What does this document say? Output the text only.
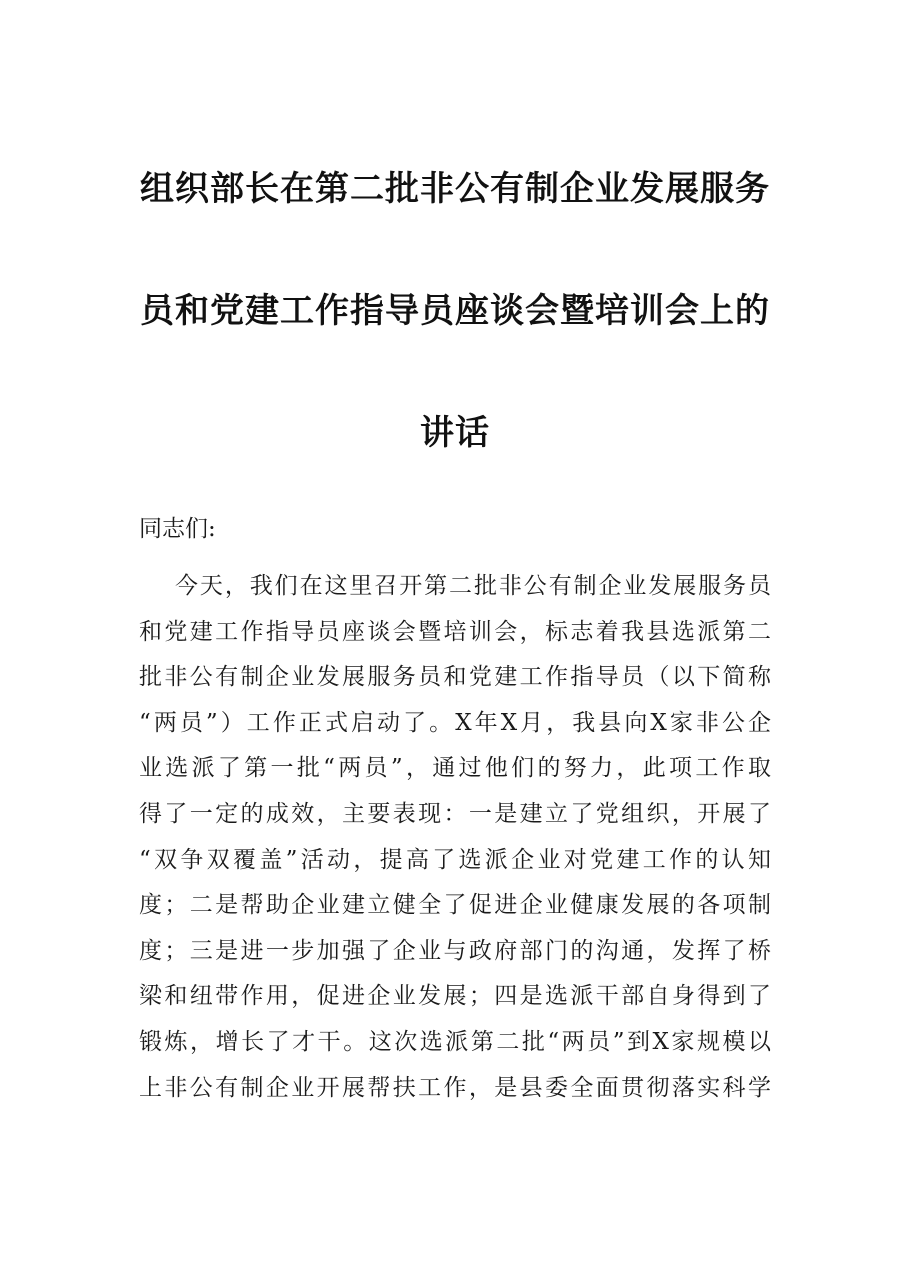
组织部长在第二批非公有制企业发展服务
员和党建工作指导员座谈会暨培训会上的
讲话

同志们:

今天，我们在这里召开第二批非公有制企业发展服务员
和党建工作指导员座谈会暨培训会，标志着我县选派第二
批非公有制企业发展服务员和党建工作指导员（以下简称
“两员”）工作正式启动了。X年X月，我县向X家非公企
业选派了第一批“两员”，通过他们的努力，此项工作取
得了一定的成效，主要表现：一是建立了党组织，开展了
“双争双覆盖”活动，提高了选派企业对党建工作的认知
度；二是帮助企业建立健全了促进企业健康发展的各项制
度；三是进一步加强了企业与政府部门的沟通，发挥了桥
梁和纽带作用，促进企业发展；四是选派干部自身得到了
锻炼，增长了才干。这次选派第二批“两员”到X家规模以
上非公有制企业开展帮扶工作，是县委全面贯彻落实科学
